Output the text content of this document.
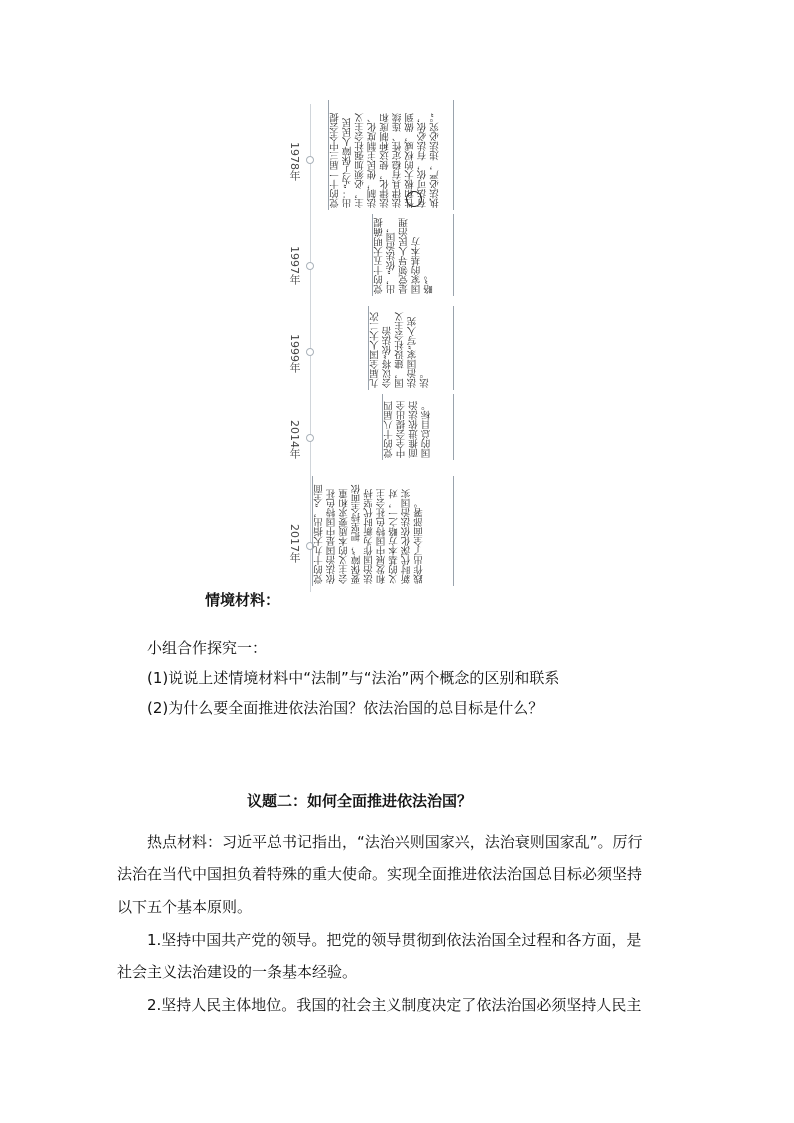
1978年	党的十一届三中全会提出：“为了保障人民民主，必须加强社会主义法制，使民主制度化、法律化，使这种制度和法律具有稳定性、连续性和极大的权威，做到有法可依，有法必依，执法必严，违法必究。”
1997年	党的十五大明确提出，“依法治国，是党领导人民治理国家的基本方略”。
1999年	九届全国人大二次会议将“依法治国，建设社会主义法治国家”写入宪法。
2014年	党的十八届四中全会提出全面推进依法治国的总目标。
2017年 党的十九大指出，“全面依法治国是中国特色社会主义的本质要求和重要保障”，把坚持全面依法治国作为新时代坚持和发展中国特色社会主义的基本方略之一，对新时代深化依法治国实践作出了全面部署。
情境材料：
小组合作探究一：
(1)说说上述情境材料中“法制”与“法治”两个概念的区别和联系
(2)为什么要全面推进依法治国？依法治国的总目标是什么？
议题二：如何全面推进依法治国？
热点材料：习近平总书记指出，“法治兴则国家兴，法治衰则国家乱”。厉行
法治在当代中国担负着特殊的重大使命。实现全面推进依法治国总目标必须坚持
以下五个基本原则。
1.坚持中国共产党的领导。把党的领导贯彻到依法治国全过程和各方面，是
社会主义法治建设的一条基本经验。
2.坚持人民主体地位。我国的社会主义制度决定了依法治国必须坚持人民主
